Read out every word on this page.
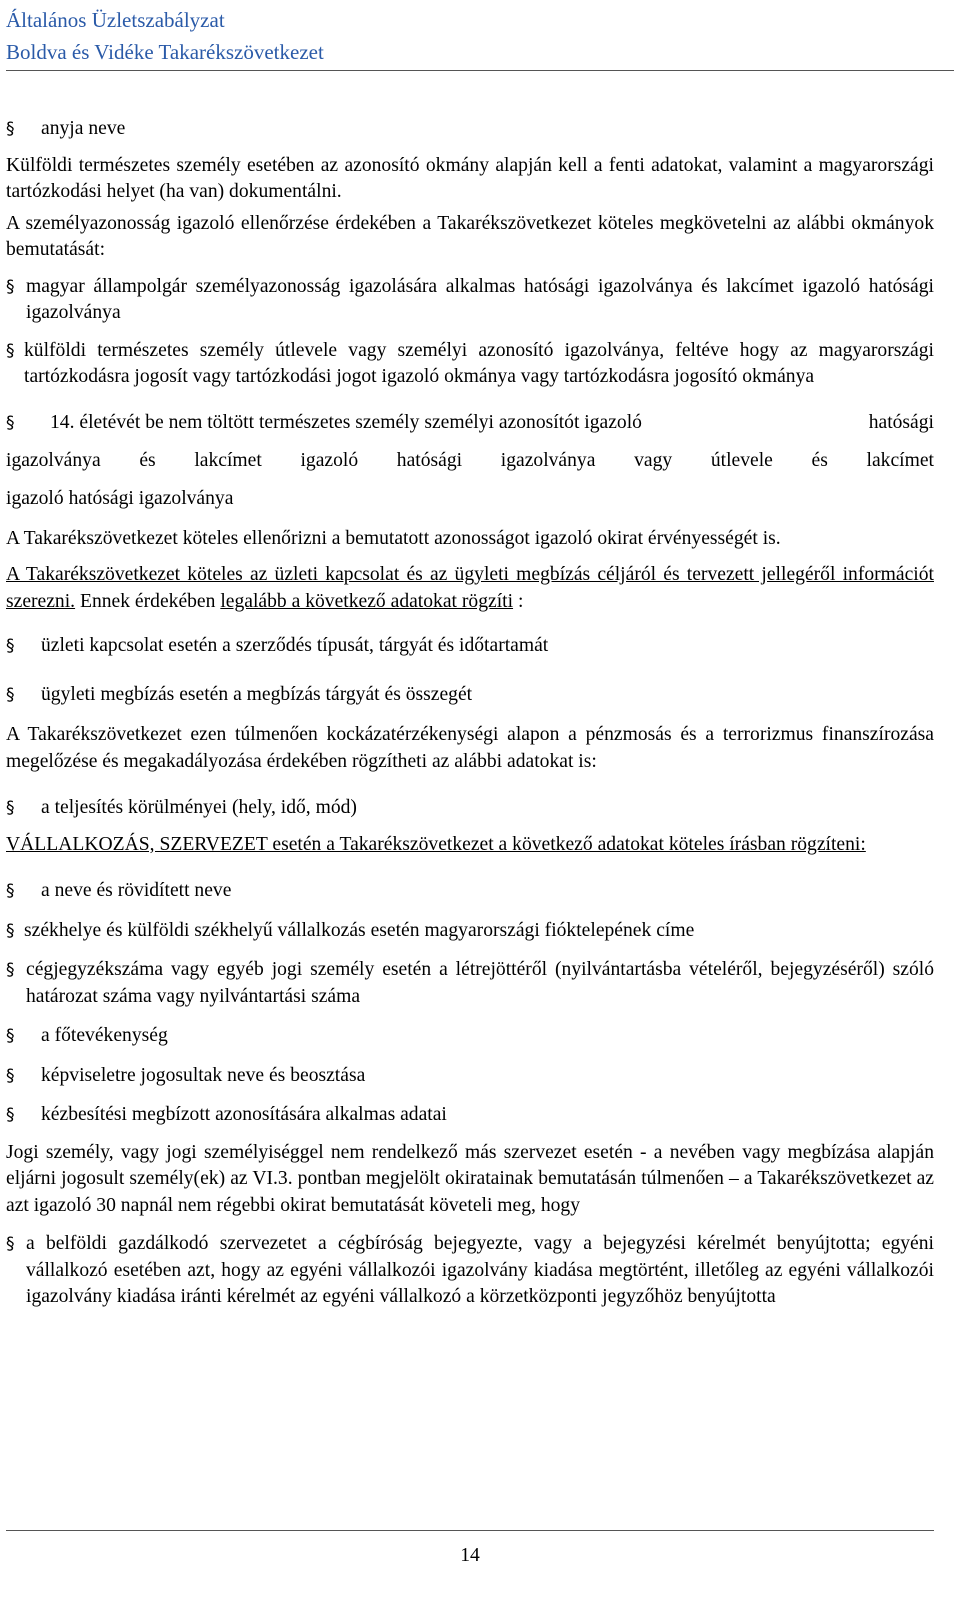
Általános Üzletszabályzat
Boldva és Vidéke Takarékszövetkezet
§	anyja neve

Külföldi természetes személy esetében az azonosító okmány alapján kell a fenti adatokat, valamint a magyarországi tartózkodási helyet (ha van) dokumentálni.

A személyazonosság igazoló ellenőrzése érdekében a Takarékszövetkezet köteles megkövetelni az alábbi okmányok bemutatását:

§ magyar állampolgár személyazonosság igazolására alkalmas hatósági igazolványa és lakcímet igazoló hatósági igazolványa
§ külföldi természetes személy útlevele vagy személyi azonosító igazolványa, feltéve hogy az magyarországi tartózkodásra jogosít vagy tartózkodási jogot igazoló okmánya vagy tartózkodásra jogosító okmánya
§	14. életévét be nem töltött természetes személy személyi azonosítót igazoló	hatósági
igazolványa és lakcímet igazoló hatósági igazolványa vagy útlevele és lakcímet
igazoló hatósági igazolványa

A Takarékszövetkezet köteles ellenőrizni a bemutatott azonosságot igazoló okirat érvényességét is.

A Takarékszövetkezet köteles az üzleti kapcsolat és az ügyleti megbízás céljáról és tervezett jellegéről információt szerezni. Ennek érdekében legalább a következő adatokat rögzíti :

§	üzleti kapcsolat esetén a szerződés típusát, tárgyát és időtartamát
§	ügyleti megbízás esetén a megbízás tárgyát és összegét

A Takarékszövetkezet ezen túlmenően kockázatérzékenységi alapon a pénzmosás és a terrorizmus finanszírozása megelőzése és megakadályozása érdekében rögzítheti az alábbi adatokat is:

§	a teljesítés körülményei (hely, idő, mód)

VÁLLALKOZÁS, SZERVEZET esetén a Takarékszövetkezet a következő adatokat köteles írásban rögzíteni:

§	a neve és rövidített neve
§ székhelye és külföldi székhelyű vállalkozás esetén magyarországi fióktelepének címe
§ cégjegyzékszáma vagy egyéb jogi személy esetén a létrejöttéről (nyilvántartásba vételéről, bejegyzéséről) szóló határozat száma vagy nyilvántartási száma
§	a főtevékenység
§	képviseletre jogosultak neve és beosztása
§	kézbesítési megbízott azonosítására alkalmas adatai

Jogi személy, vagy jogi személyiséggel nem rendelkező más szervezet esetén - a nevében vagy megbízása alapján eljárni jogosult személy(ek) az VI.3. pontban megjelölt okiratainak bemutatásán túlmenően – a Takarékszövetkezet az azt igazoló 30 napnál nem régebbi okirat bemutatását követeli meg, hogy

§ a belföldi gazdálkodó szervezetet a cégbíróság bejegyezte, vagy a bejegyzési kérelmét benyújtotta; egyéni vállalkozó esetében azt, hogy az egyéni vállalkozói igazolvány kiadása megtörtént, illetőleg az egyéni vállalkozói igazolvány kiadása iránti kérelmét az egyéni vállalkozó a körzetközponti jegyzőhöz benyújtotta
14
